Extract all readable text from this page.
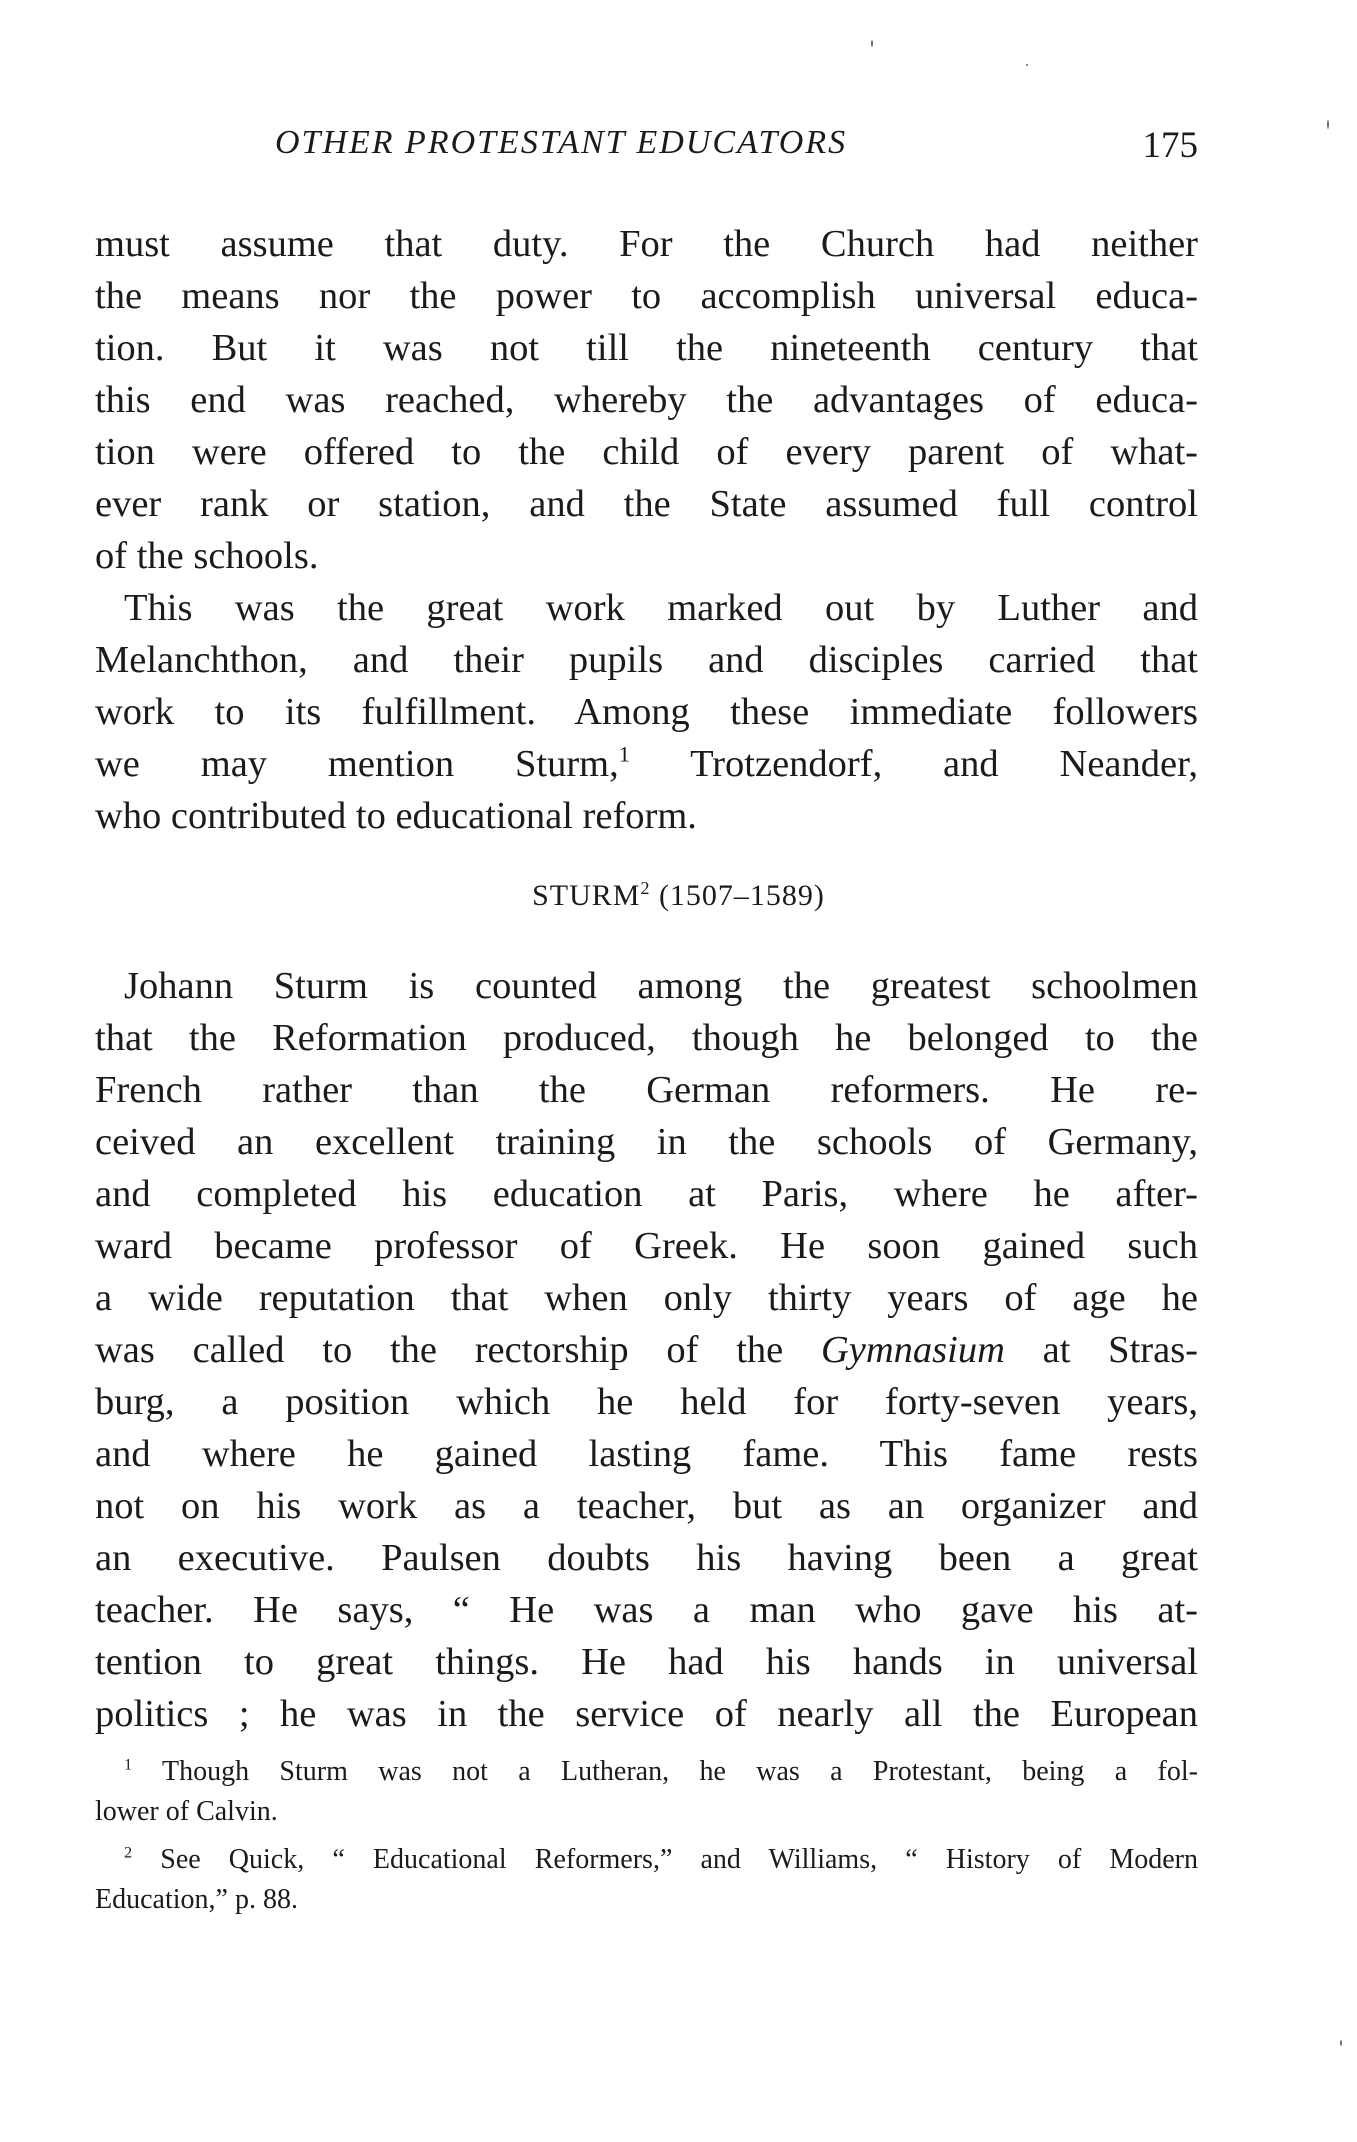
OTHER PROTESTANT EDUCATORS	175
must assume that duty. For the Church had neither
the means nor the power to accomplish universal educa-
tion. But it was not till the nineteenth century that
this end was reached, whereby the advantages of educa-
tion were offered to the child of every parent of what-
ever rank or station, and the State assumed full control
of the schools.
This was the great work marked out by Luther and
Melanchthon, and their pupils and disciples carried that
work to its fulfillment. Among these immediate followers
we may mention Sturm,$^1$ Trotzendorf, and Neander,
who contributed to educational reform.
STURM$^2$ (1507–1589)
Johann Sturm is counted among the greatest schoolmen
that the Reformation produced, though he belonged to the
French rather than the German reformers. He re-
ceived an excellent training in the schools of Germany,
and completed his education at Paris, where he after-
ward became professor of Greek. He soon gained such
a wide reputation that when only thirty years of age he
was called to the rectorship of the Gymnasium at Stras-
burg, a position which he held for forty-seven years,
and where he gained lasting fame. This fame rests
not on his work as a teacher, but as an organizer and
an executive. Paulsen doubts his having been a great
teacher. He says, “ He was a man who gave his at-
tention to great things. He had his hands in universal
politics ; he was in the service of nearly all the European
$^1$ Though Sturm was not a Lutheran, he was a Protestant, being a fol-
lower of Calvin.
$^2$ See Quick, “ Educational Reformers,” and Williams, “ History of Modern
Education,” p. 88.
